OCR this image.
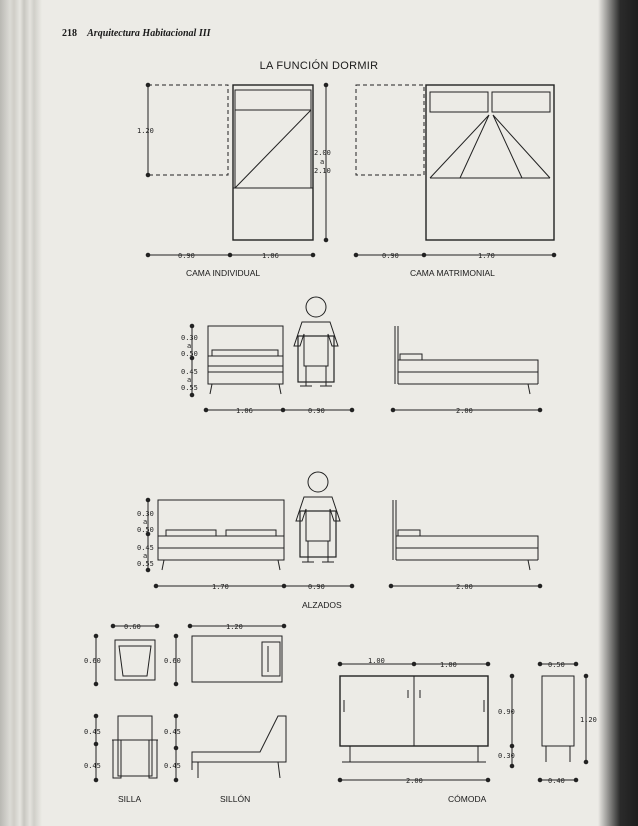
218 Arquitectura Habitacional III
LA FUNCIÓN DORMIR
1.20
2.00
a
2.10
0.90	1.06	0.90	1.70
0.30
a
0.50
0.45
a
0.55
1.06	0.90	2.00
0.30
a
0.50
0.45
a
0.55
1.70	0.90	2.00
0.60
0.60
0.45
0.45
1.20
0.60
0.45
0.45
1.00	1.00
2.00
0.90
0.30
0.50
1.20
0.40
CAMA INDIVIDUAL	CAMA MATRIMONIAL
ALZADOS
SILLA	SILLÓN	CÓMODA
